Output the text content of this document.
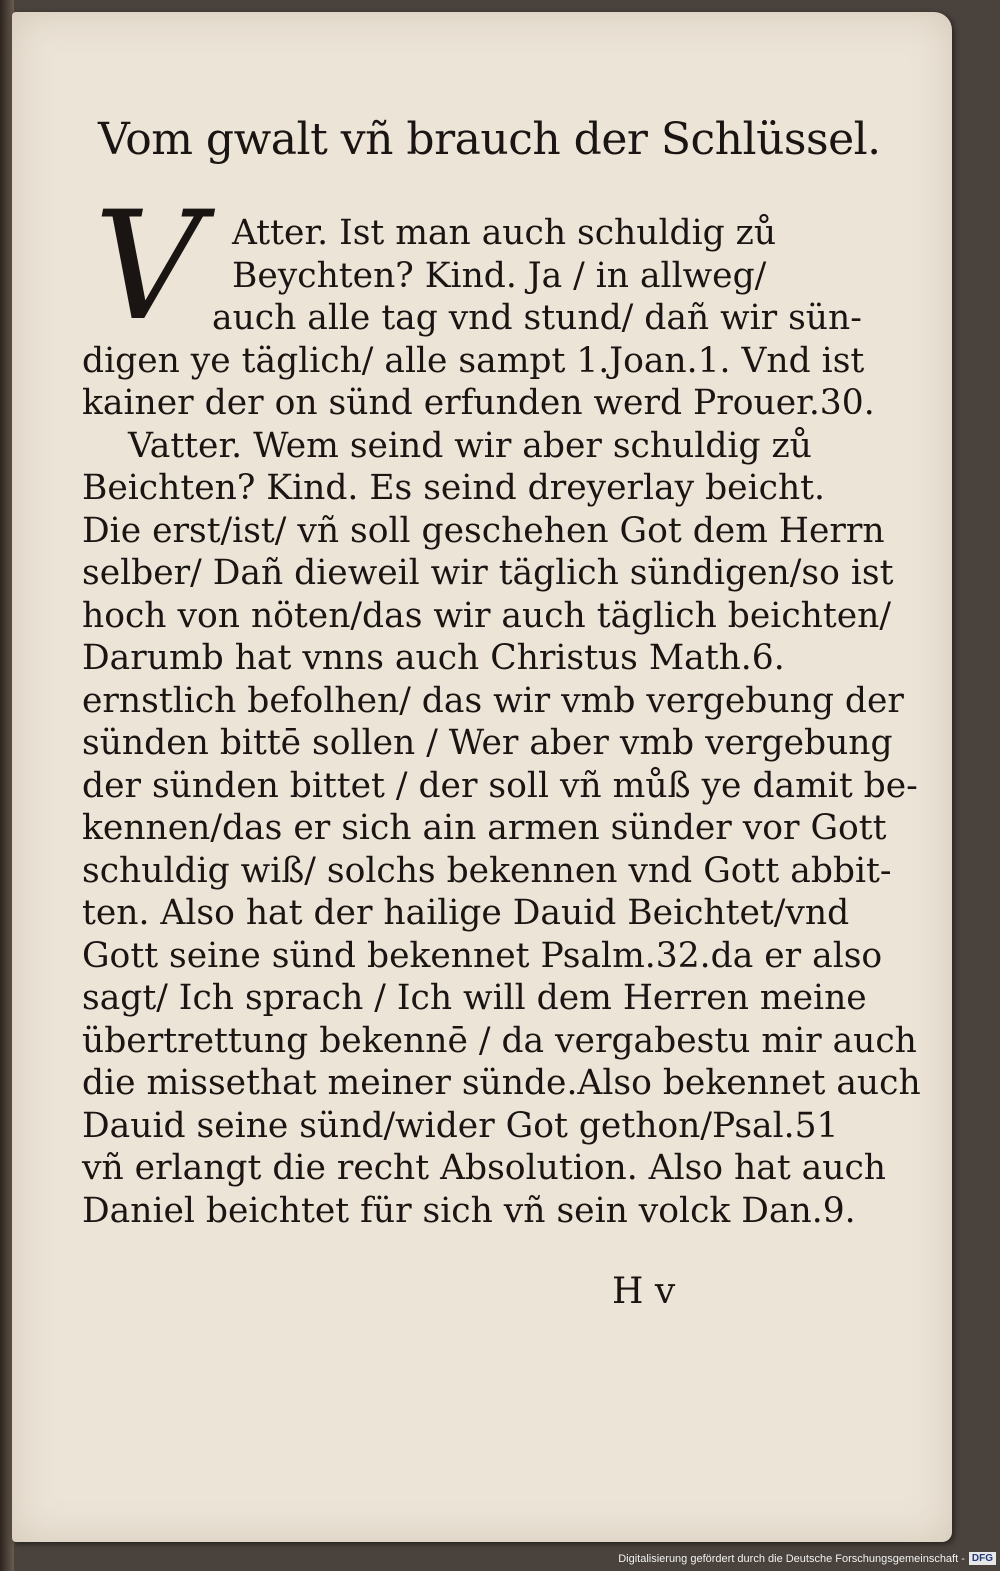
Vom gwalt vñ brauch der Schlüssel.
V Atter. Ist man auch schuldig zů
Beychten? Kind. Ja / in allweg/
auch alle tag vnd stund/ dañ wir sün-
digen ye täglich/ alle sampt 1.Joan.1. Vnd ist
kainer der on sünd erfunden werd Prouer.30.
Vatter. Wem seind wir aber schuldig zů
Beichten? Kind. Es seind dreyerlay beicht.
Die erst/ist/ vñ soll geschehen Got dem Herrn
selber/ Dañ dieweil wir täglich sündigen/so ist
hoch von nöten/das wir auch täglich beichten/
Darumb hat vnns auch Christus Math.6.
ernstlich befolhen/ das wir vmb vergebung der
sünden bittē sollen / Wer aber vmb vergebung
der sünden bittet / der soll vñ můß ye damit be-
kennen/das er sich ain armen sünder vor Gott
schuldig wiß/ solchs bekennen vnd Gott abbit-
ten. Also hat der hailige Dauid Beichtet/vnd
Gott seine sünd bekennet Psalm.32.da er also
sagt/ Ich sprach / Ich will dem Herren meine
übertrettung bekennē / da vergabestu mir auch
die missethat meiner sünde.Also bekennet auch
Dauid seine sünd/wider Got gethon/Psal.51
vñ erlangt die recht Absolution. Also hat auch
Daniel beichtet für sich vñ sein volck Dan.9.
H v
Digitalisierung gefördert durch die Deutsche Forschungsgemeinschaft - DFG
